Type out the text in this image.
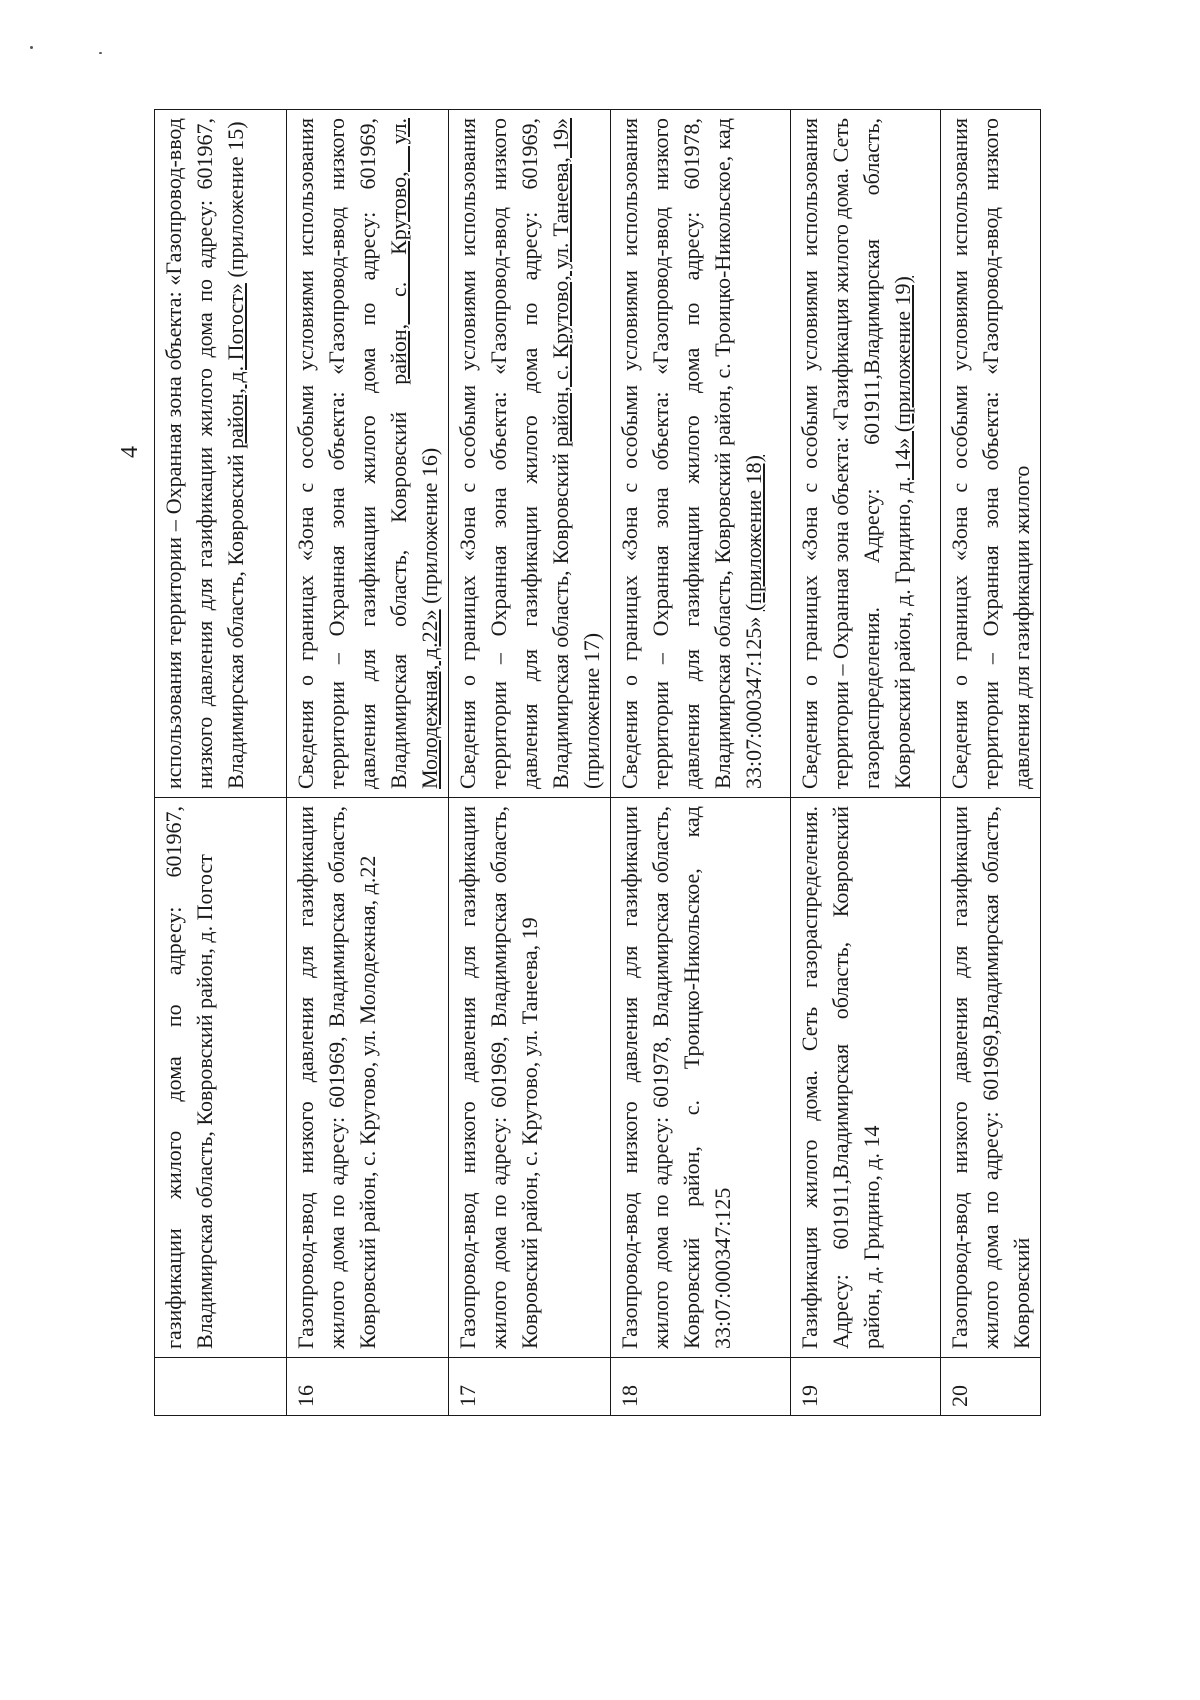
4
	газификации жилого дома по адресу: 601967, Владимирская область, Ковровский район, д. Погост	использования территории – Охранная зона объекта: «Газопровод-ввод низкого давления для газификации жилого дома по адресу: 601967, Владимирская область, Ковровский район, д. Погост» (приложение 15)
16	Газопровод-ввод низкого давления для газификации жилого дома по адресу: 601969, Владимирская область, Ковровский район, с. Крутово, ул. Молодежная, д.22	Сведения о границах «Зона с особыми условиями использования территории – Охранная зона объекта: «Газопровод-ввод низкого давления для газификации жилого дома по адресу: 601969, Владимирская область, Ковровский район, с. Крутово, ул. Молодежная, д.22» (приложение 16)
17	Газопровод-ввод низкого давления для газификации жилого дома по адресу: 601969, Владимирская область, Ковровский район, с. Крутово, ул. Танеева, 19	Сведения о границах «Зона с особыми условиями использования территории – Охранная зона объекта: «Газопровод-ввод низкого давления для газификации жилого дома по адресу: 601969, Владимирская область, Ковровский район, с. Крутово, ул. Танеева, 19» (приложение 17)
18	Газопровод-ввод низкого давления для газификации жилого дома по адресу: 601978, Владимирская область, Ковровский район, с. Троицко-Никольское, кад 33:07:000347:125	Сведения о границах «Зона с особыми условиями использования территории – Охранная зона объекта: «Газопровод-ввод низкого давления для газификации жилого дома по адресу: 601978, Владимирская область, Ковровский район, с. Троицко-Никольское, кад 33:07:000347:125» (приложение 18)
19	Газификация жилого дома. Сеть газораспределения. Адресу: 601911,Владимирская область, Ковровский район, д. Гридино, д. 14	Сведения о границах «Зона с особыми условиями использования территории – Охранная зона объекта: «Газификация жилого дома. Сеть газораспределения. Адресу: 601911,Владимирская область, Ковровский район, д. Гридино, д. 14» (приложение 19)
20	Газопровод-ввод низкого давления для газификации жилого дома по адресу: 601969,Владимирская область, Ковровский	Сведения о границах «Зона с особыми условиями использования территории – Охранная зона объекта: «Газопровод-ввод низкого давления для газификации жилого
